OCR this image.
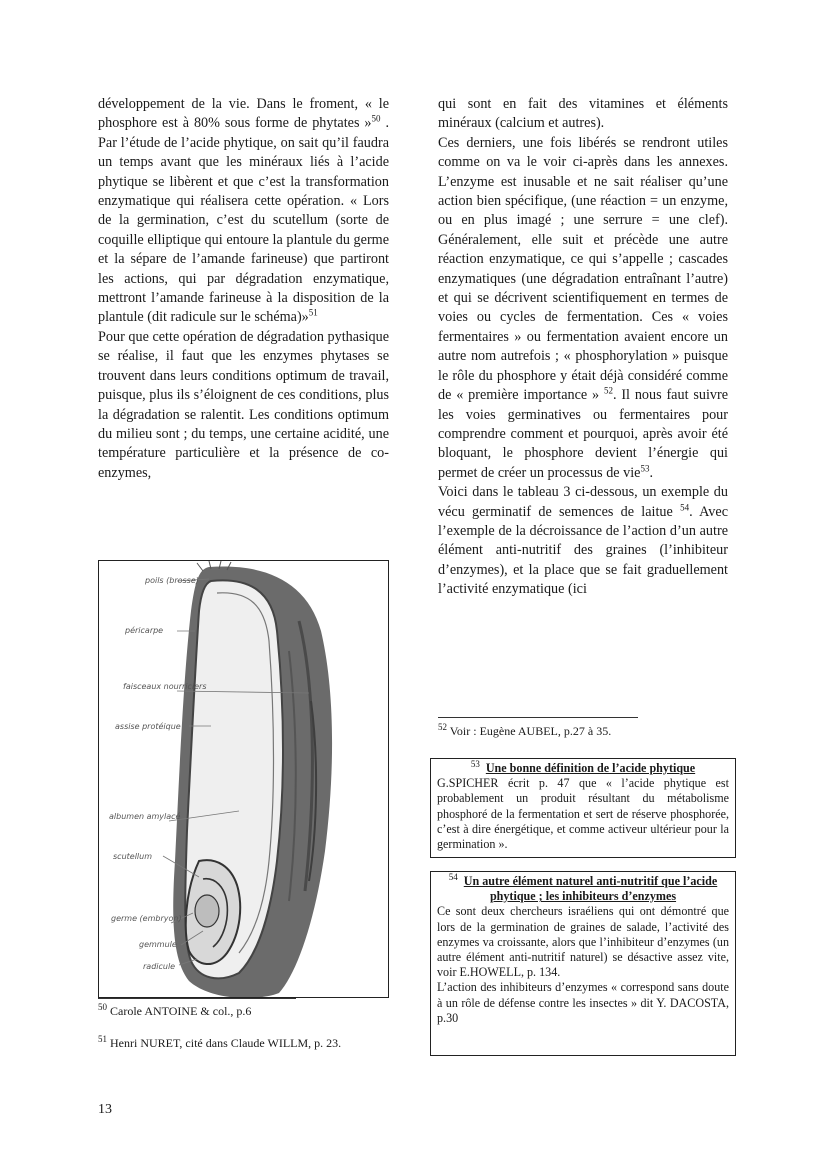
développement de la vie. Dans le froment, « le phosphore est à 80% sous forme de phytates »$^{50}$ . Par l’étude de l’acide phytique, on sait qu’il faudra un temps avant que les minéraux liés à l’acide phytique se libèrent et que c’est la transformation enzymatique qui réalisera cette opération. « Lors de la germination, c’est du scutellum (sorte de coquille elliptique qui entoure la plantule du germe et la sépare de l’amande farineuse) que partiront les actions, qui par dégradation enzymatique, mettront l’amande farineuse à la disposition de la plantule (dit radicule sur le schéma)»$^{51}$

Pour que cette opération de dégradation pythasique se réalise, il faut que les enzymes phytases se trouvent dans leurs conditions optimum de travail, puisque, plus ils s’éloignent de ces conditions, plus la dégradation se ralentit. Les conditions optimum du milieu sont ; du temps, une certaine acidité, une température particulière et la présence de co-enzymes,

poils (brosse)
péricarpe
faisceaux nourriciers
assise protéique
albumen amylacé
scutellum
germe (embryon)
gemmule
radicule
$^{50}$ Carole ANTOINE & col., p.6
$^{51}$ Henri NURET, cité dans Claude WILLM, p. 23.

qui sont en fait des vitamines et éléments minéraux (calcium et autres).

Ces derniers, une fois libérés se rendront utiles comme on va le voir ci-après dans les annexes. L’enzyme est inusable et ne sait réaliser qu’une action bien spécifique, (une réaction = un enzyme, ou en plus imagé ; une serrure = une clef). Généralement, elle suit et précède une autre réaction enzymatique, ce qui s’appelle ; cascades enzymatiques (une dégradation entraînant l’autre) et qui se décrivent scientifiquement en termes de voies ou cycles de fermentation. Ces « voies fermentaires » ou fermentation avaient encore un autre nom autrefois ; « phosphorylation » puisque le rôle du phosphore y était déjà considéré comme de « première importance » $^{52}$. Il nous faut suivre les voies germinatives ou fermentaires pour comprendre comment et pourquoi, après avoir été bloquant, le phosphore devient l’énergie qui permet de créer un processus de vie$^{53}$.

Voici dans le tableau 3 ci-dessous, un exemple du vécu germinatif de semences de laitue $^{54}$. Avec l’exemple de la décroissance de l’action d’un autre élément anti-nutritif des graines (l’inhibiteur d’enzymes), et la place que se fait graduellement l’activité enzymatique (ici

$^{52}$ Voir : Eugène AUBEL, p.27 à 35.
$^{53}$ Une bonne définition de l’acide phytique

G.SPICHER écrit p. 47 que « l’acide phytique est probablement un produit résultant du métabolisme phosphoré de la fermentation et sert de réserve phosphorée, c’est à dire énergétique, et comme activeur ultérieur pour la germination ».

$^{54}$ Un autre élément naturel anti-nutritif que l’acide phytique ; les inhibiteurs d’enzymes

Ce sont deux chercheurs israéliens qui ont démontré que lors de la germination de graines de salade, l’activité des enzymes va croissante, alors que l’inhibiteur d’enzymes (un autre élément anti-nutritif naturel) se désactive assez vite, voir E.HOWELL, p. 134.

L’action des inhibiteurs d’enzymes « correspond sans doute à un rôle de défense contre les insectes » dit Y. DACOSTA, p.30

13
